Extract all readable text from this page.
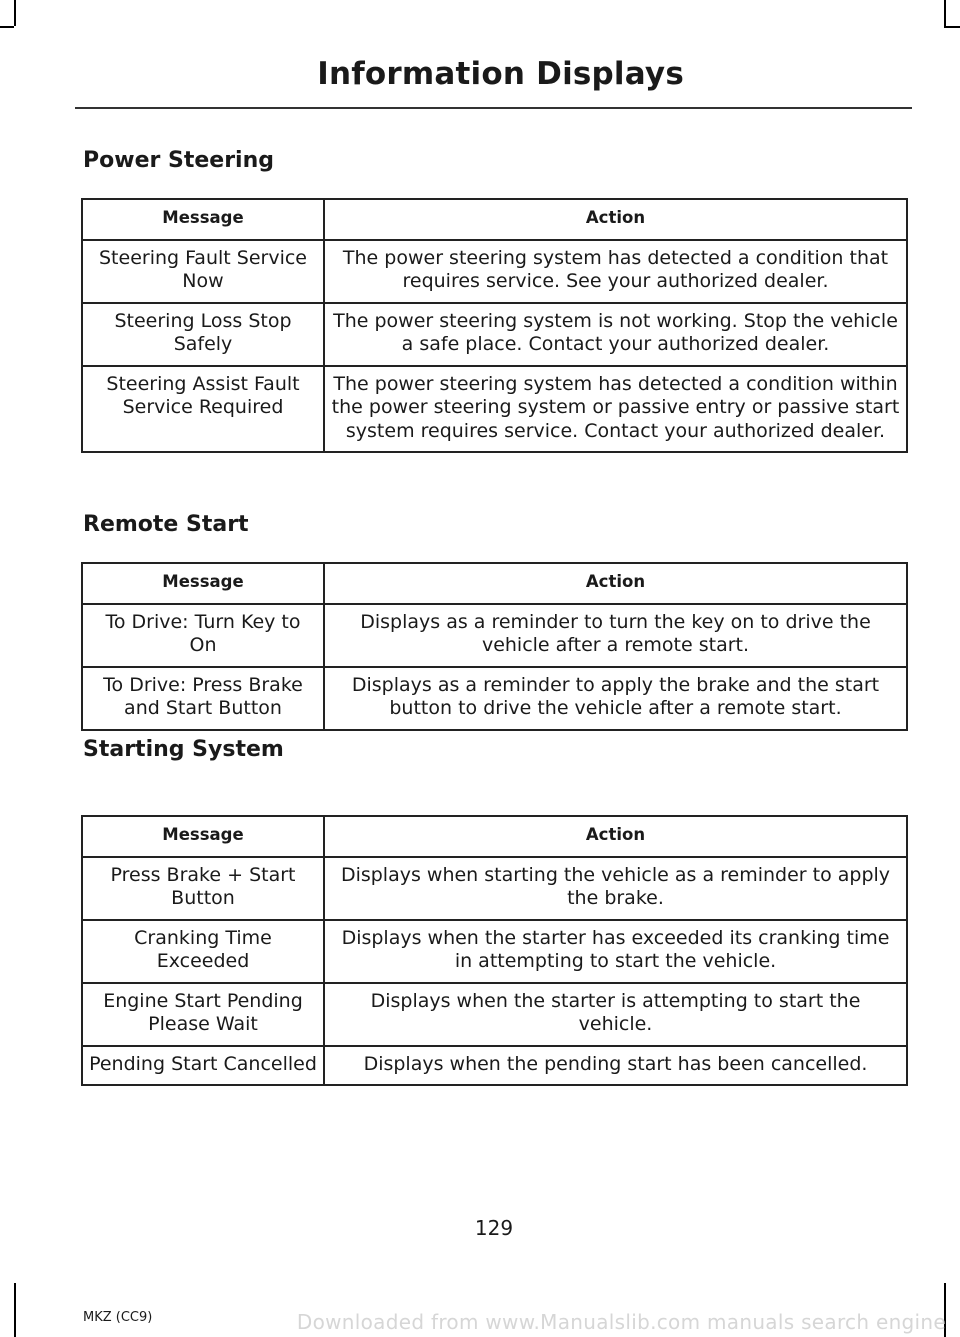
Information Displays
Power Steering
Message	Action
Steering Fault Service Now	The power steering system has detected a condition that requires service. See your authorized dealer.
Steering Loss Stop Safely	The power steering system is not working. Stop the vehicle a safe place. Contact your authorized dealer.
Steering Assist Fault Service Required	The power steering system has detected a condition within the power steering system or passive entry or passive start system requires service. Contact your authorized dealer.
Remote Start
Message	Action
To Drive: Turn Key to On	Displays as a reminder to turn the key on to drive the vehicle after a remote start.
To Drive: Press Brake and Start Button	Displays as a reminder to apply the brake and the start button to drive the vehicle after a remote start.
Starting System
Message	Action
Press Brake + Start Button	Displays when starting the vehicle as a reminder to apply the brake.
Cranking Time Exceeded	Displays when the starter has exceeded its cranking time in attempting to start the vehicle.
Engine Start Pending Please Wait	Displays when the starter is attempting to start the vehicle.
Pending Start Cancelled	Displays when the pending start has been cancelled.
129
MKZ (CC9)	Downloaded from www.Manualslib.com manuals search engine
